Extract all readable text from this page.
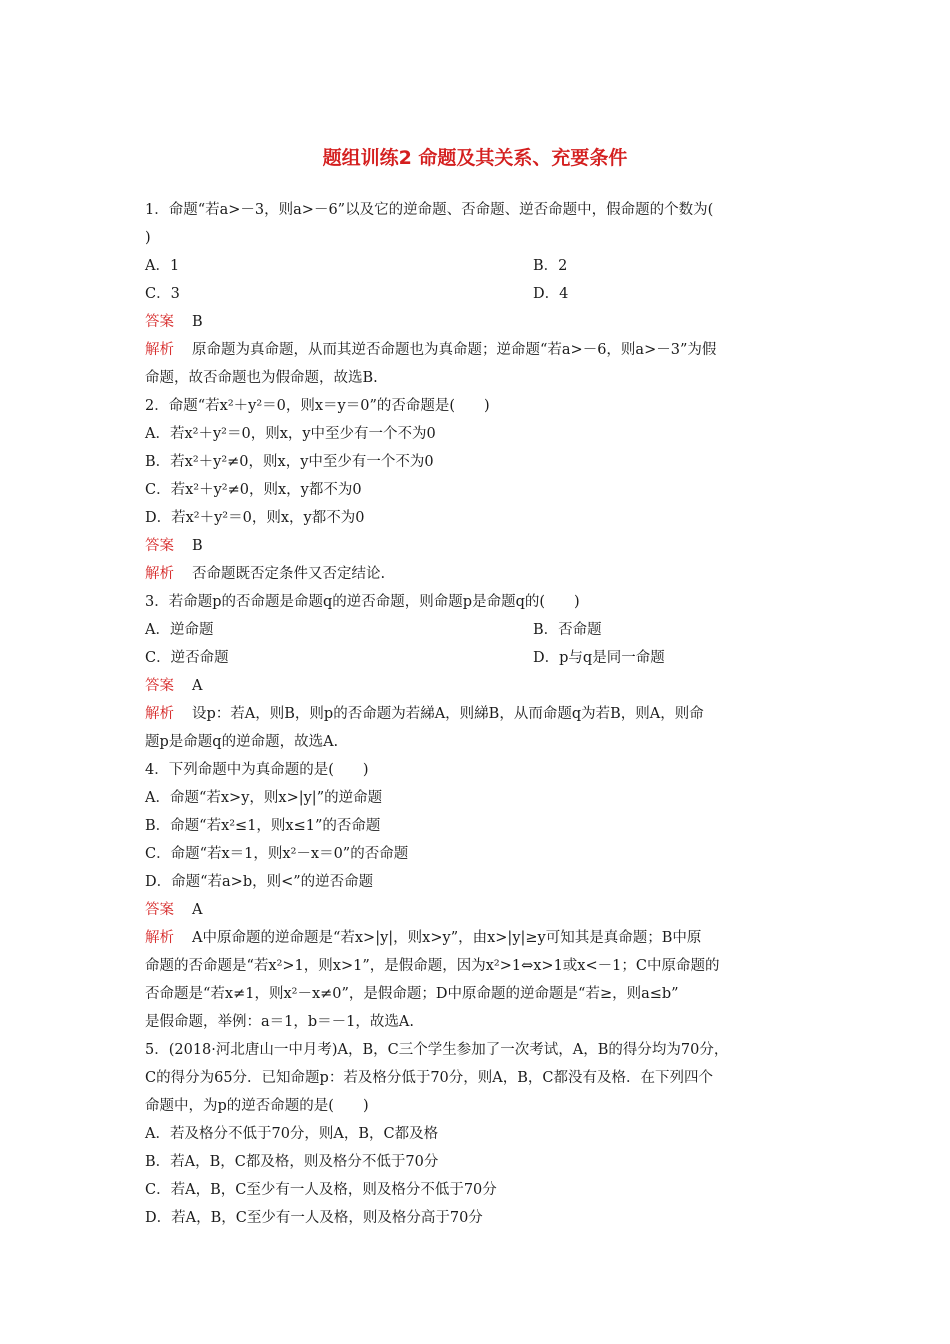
题组训练2 命题及其关系、充要条件
1．命题“若a>－3，则a>－6”以及它的逆命题、否命题、逆否命题中，假命题的个数为(
)
A．1	B．2
C．3	D．4
答案 B
解析 原命题为真命题，从而其逆否命题也为真命题；逆命题“若a>－6，则a>－3”为假
命题，故否命题也为假命题，故选B.
2．命题“若x²＋y²＝0，则x＝y＝0”的否命题是(　　)
A．若x²＋y²＝0，则x，y中至少有一个不为0
B．若x²＋y²≠0，则x，y中至少有一个不为0
C．若x²＋y²≠0，则x，y都不为0
D．若x²＋y²＝0，则x，y都不为0
答案 B
解析 否命题既否定条件又否定结论.
3．若命题p的否命题是命题q的逆否命题，则命题p是命题q的(　　)
A．逆命题	B．否命题
C．逆否命题	D．p与q是同一命题
答案 A
解析 设p：若A，则B，则p的否命题为若綈A，则綈B，从而命题q为若B，则A，则命
题p是命题q的逆命题，故选A.
4．下列命题中为真命题的是(　　)
A．命题“若x>y，则x>|y|”的逆命题
B．命题“若x²≤1，则x≤1”的否命题
C．命题“若x＝1，则x²－x＝0”的否命题
D．命题“若a>b，则<”的逆否命题
答案 A
解析 A中原命题的逆命题是“若x>|y|，则x>y”，由x>|y|≥y可知其是真命题；B中原
命题的否命题是“若x²>1，则x>1”，是假命题，因为x²>1⇔x>1或x<－1；C中原命题的
否命题是“若x≠1，则x²－x≠0”，是假命题；D中原命题的逆命题是“若≥，则a≤b”
是假命题，举例：a＝1，b＝－1，故选A.
5．(2018·河北唐山一中月考)A，B，C三个学生参加了一次考试，A，B的得分均为70分，
C的得分为65分．已知命题p：若及格分低于70分，则A，B，C都没有及格．在下列四个
命题中，为p的逆否命题的是(　　)
A．若及格分不低于70分，则A，B，C都及格
B．若A，B，C都及格，则及格分不低于70分
C．若A，B，C至少有一人及格，则及格分不低于70分
D．若A，B，C至少有一人及格，则及格分高于70分
